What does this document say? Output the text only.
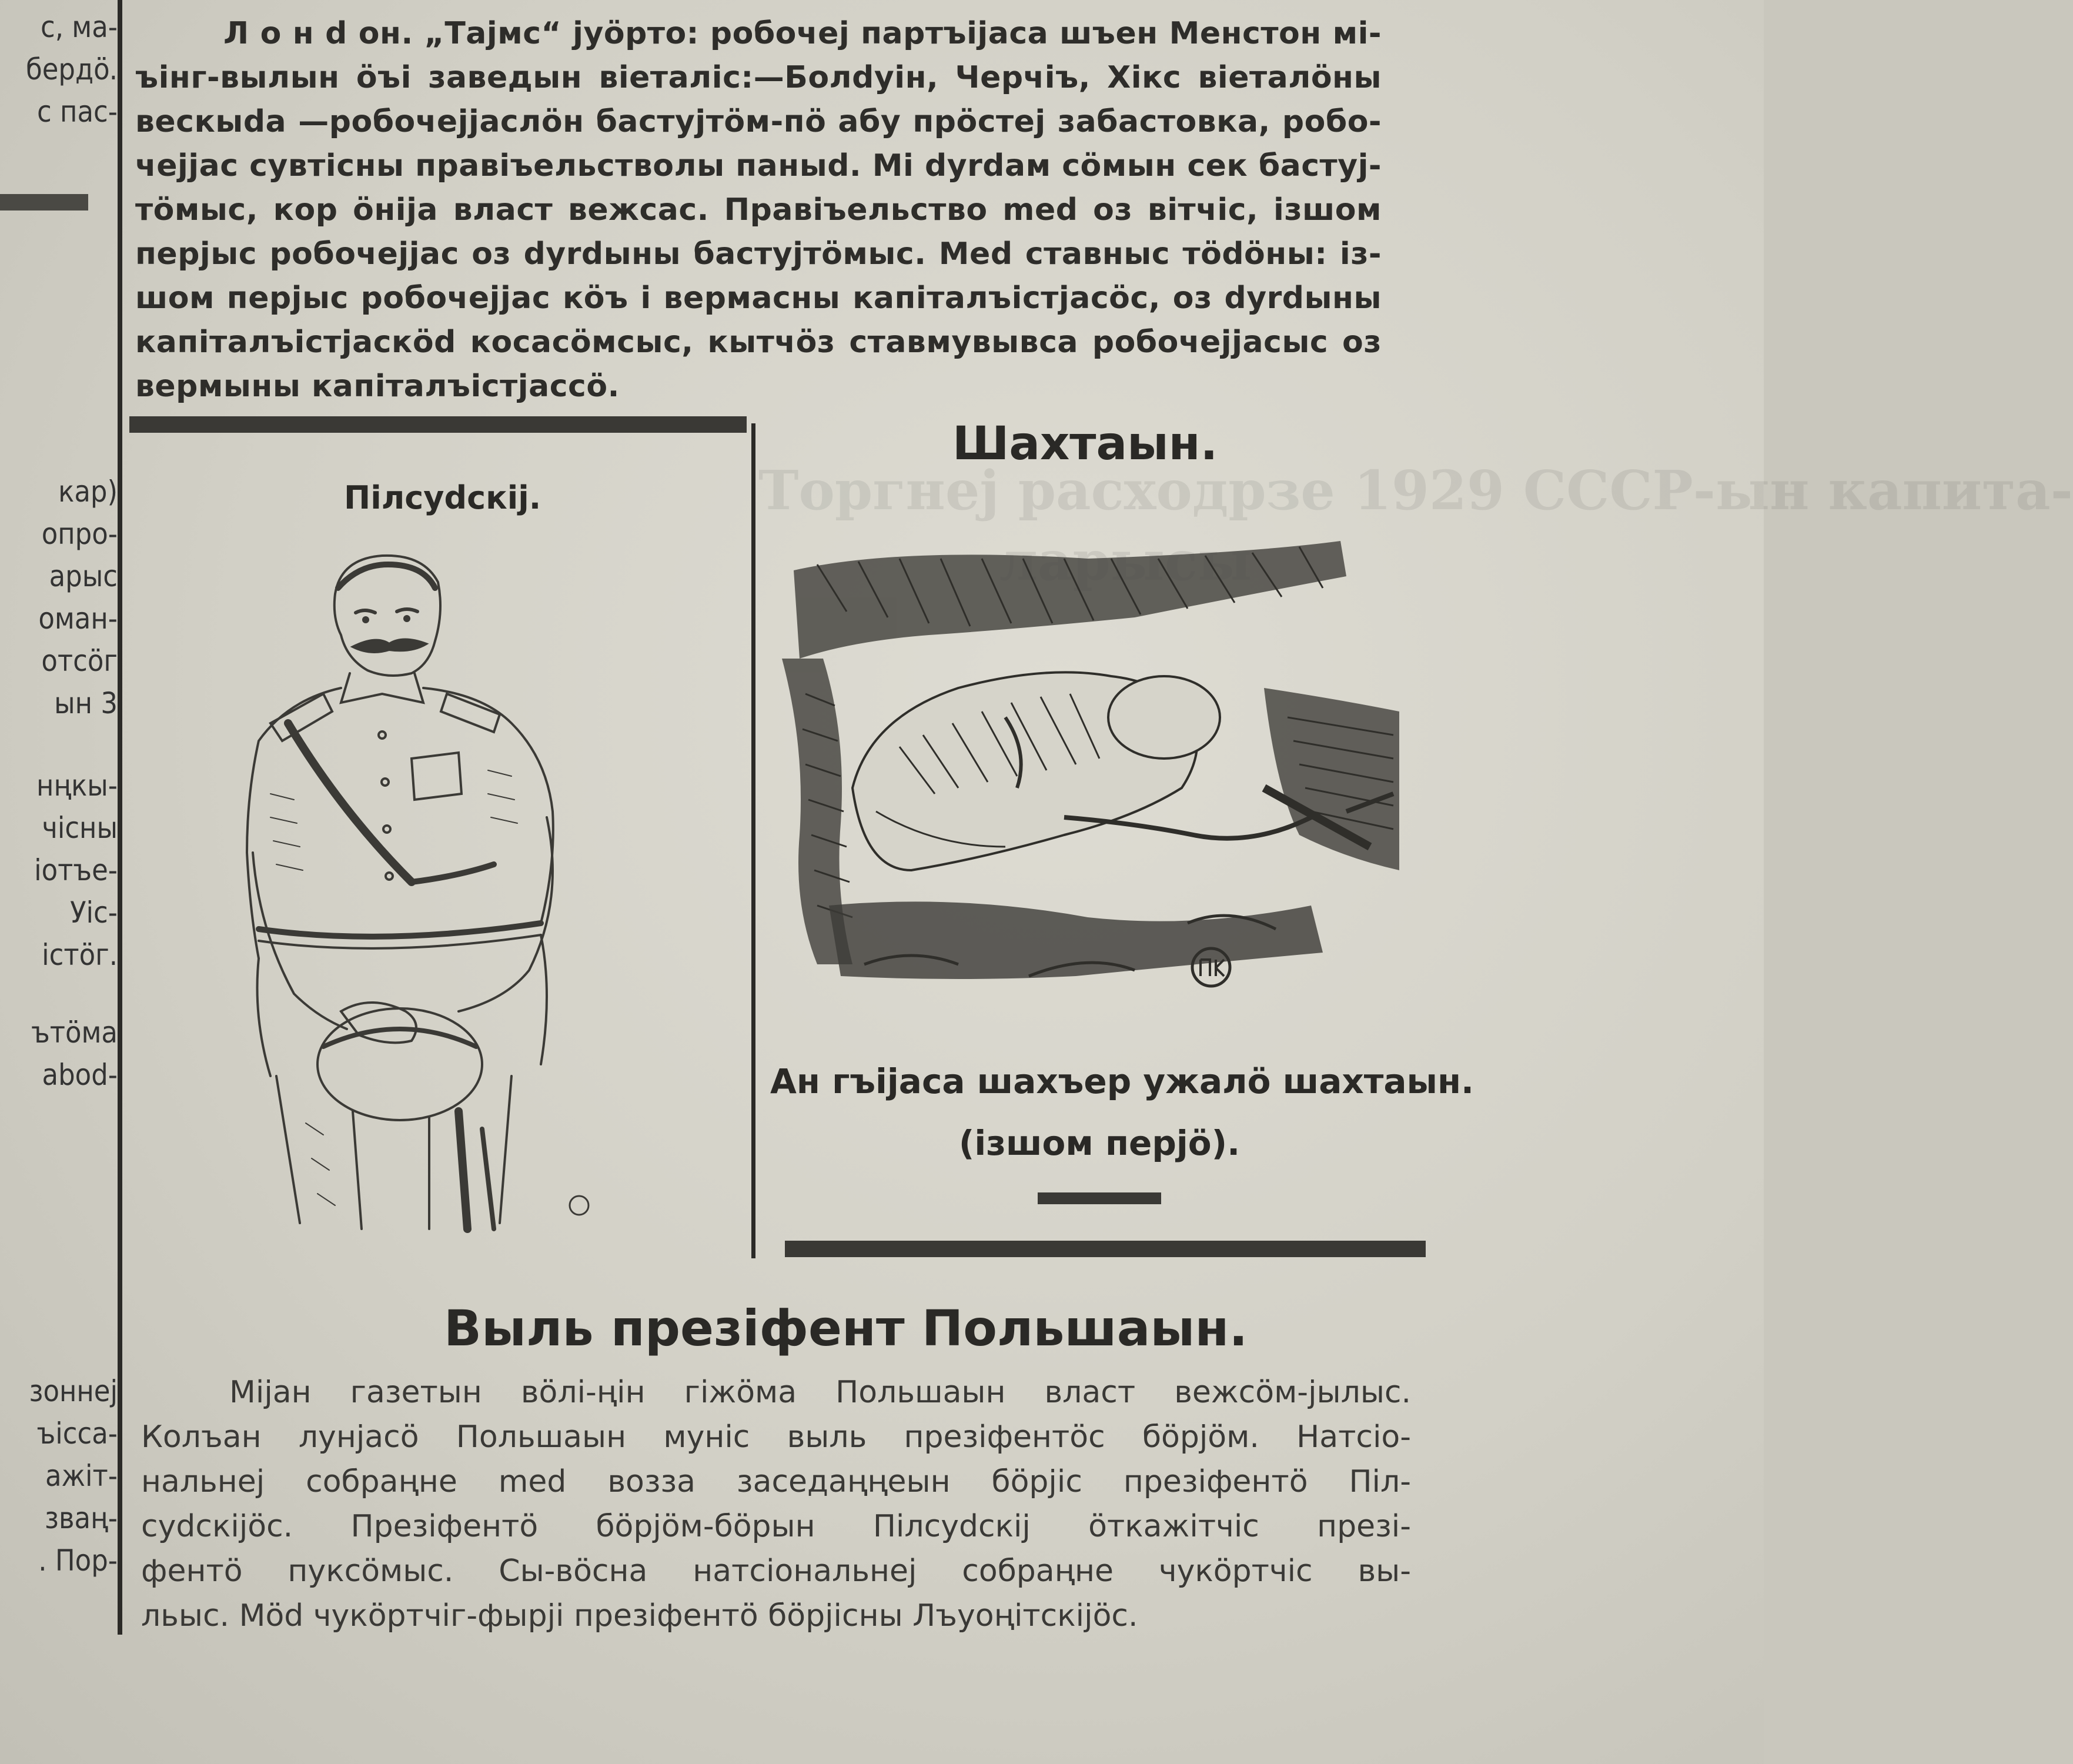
Торгнеј расходрзе 1929 СССР-ын капита-
с, ма-
бердö.
с пас-
кар)
опро-
арыс
оман-
отсöг
ын 3
нңкы-
чісны
іотъе-
Уіс-
істöг.
ътöма
аbod-
зоннеj
ъісса-
ажіт-
зваң-
. Пор-
Л о н d он. „Тајмс“ јуöрто: робочеj партъіјаса шъен Менстон мі-
ъінг-вылын öъі заведын віеталіс:—Болdуін, Черчіъ, Хікс віеталöны
вескыdа —робочеjјаслöн бастујтöм-пö абу прöстеj забастовка, робо-
чеjјас сувтісны правіъельстволы паныd. Мі dуrdам сöмын сек бастуj-
тöмыс, кор öніја власт вежсас. Правіъельство med оз вітчіс, ізшом
перјыс робочеjјас оз dуrdыны бастујтöмыс. Med ставныс тödöны: із-
шом перјыс робочеjјас кöъ і вермасны капіталъістјасöс, оз dуrdыны
капіталъістјаскöd косасöмсыс, кытчöз ставмувывса робочеjјасыс оз
вермыны капіталъістјассö.
Пілсуdскіј.
Шахтаын.
Ан гъіјаса шахъер ужалö шахтаын.
(ізшом перјö).
Выль презіфент Польшаын.
Міјан газетын вöлі-ңін гіжöма Польшаын власт вежсöм-јылыс.
Колъан лунјасö Польшаын муніс выль презіфентöс бöрјöм. Натсіо-
нальнеj собраңне med воззa заседаңңеын бöрјіс презіфентö Піл-
суdскіјöс. Презіфентö бöрјöм-бöрын Пілсуdскіј öткажітчіс презі-
фентö пуксöмыс. Сы-вöсна натсіональнеj собраңне чукöртчіс вы-
льыс. Мöd чукöртчіг-фырјі презіфентö бöрјісны Лъуоңітскіјöс.
